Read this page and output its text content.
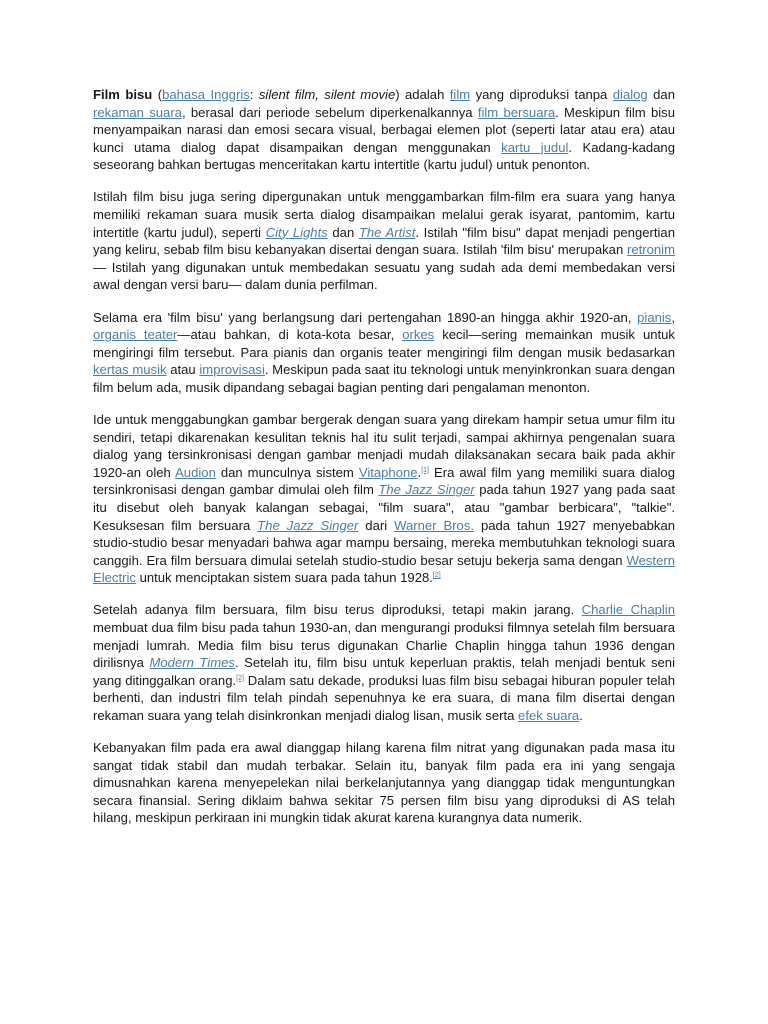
Film bisu (bahasa Inggris: silent film, silent movie) adalah film yang diproduksi tanpa dialog dan rekaman suara, berasal dari periode sebelum diperkenalkannya film bersuara. Meskipun film bisu menyampaikan narasi dan emosi secara visual, berbagai elemen plot (seperti latar atau era) atau kunci utama dialog dapat disampaikan dengan menggunakan kartu judul. Kadang-kadang seseorang bahkan bertugas menceritakan kartu intertitle (kartu judul) untuk penonton.

Istilah film bisu juga sering dipergunakan untuk menggambarkan film-film era suara yang hanya memiliki rekaman suara musik serta dialog disampaikan melalui gerak isyarat, pantomim, kartu intertitle (kartu judul), seperti City Lights dan The Artist. Istilah "film bisu" dapat menjadi pengertian yang keliru, sebab film bisu kebanyakan disertai dengan suara. Istilah 'film bisu' merupakan retronim— Istilah yang digunakan untuk membedakan sesuatu yang sudah ada demi membedakan versi awal dengan versi baru— dalam dunia perfilman.

Selama era 'film bisu' yang berlangsung dari pertengahan 1890-an hingga akhir 1920-an, pianis, organis teater—atau bahkan, di kota-kota besar, orkes kecil—sering memainkan musik untuk mengiringi film tersebut. Para pianis dan organis teater mengiringi film dengan musik bedasarkan kertas musik atau improvisasi. Meskipun pada saat itu teknologi untuk menyinkronkan suara dengan film belum ada, musik dipandang sebagai bagian penting dari pengalaman menonton.

Ide untuk menggabungkan gambar bergerak dengan suara yang direkam hampir setua umur film itu sendiri, tetapi dikarenakan kesulitan teknis hal itu sulit terjadi, sampai akhirnya pengenalan suara dialog yang tersinkronisasi dengan gambar menjadi mudah dilaksanakan secara baik pada akhir 1920-an oleh Audion dan munculnya sistem Vitaphone.[1] Era awal film yang memiliki suara dialog tersinkronisasi dengan gambar dimulai oleh film The Jazz Singer pada tahun 1927 yang pada saat itu disebut oleh banyak kalangan sebagai, "film suara", atau "gambar berbicara", "talkie". Kesuksesan film bersuara The Jazz Singer dari Warner Bros. pada tahun 1927 menyebabkan studio-studio besar menyadari bahwa agar mampu bersaing, mereka membutuhkan teknologi suara canggih. Era film bersuara dimulai setelah studio-studio besar setuju bekerja sama dengan Western Electric untuk menciptakan sistem suara pada tahun 1928.[2]

Setelah adanya film bersuara, film bisu terus diproduksi, tetapi makin jarang. Charlie Chaplin membuat dua film bisu pada tahun 1930-an, dan mengurangi produksi filmnya setelah film bersuara menjadi lumrah. Media film bisu terus digunakan Charlie Chaplin hingga tahun 1936 dengan dirilisnya Modern Times. Setelah itu, film bisu untuk keperluan praktis, telah menjadi bentuk seni yang ditinggalkan orang.[2] Dalam satu dekade, produksi luas film bisu sebagai hiburan populer telah berhenti, dan industri film telah pindah sepenuhnya ke era suara, di mana film disertai dengan rekaman suara yang telah disinkronkan menjadi dialog lisan, musik serta efek suara.

Kebanyakan film pada era awal dianggap hilang karena film nitrat yang digunakan pada masa itu sangat tidak stabil dan mudah terbakar. Selain itu, banyak film pada era ini yang sengaja dimusnahkan karena menyepelekan nilai berkelanjutannya yang dianggap tidak menguntungkan secara finansial. Sering diklaim bahwa sekitar 75 persen film bisu yang diproduksi di AS telah hilang, meskipun perkiraan ini mungkin tidak akurat karena kurangnya data numerik.
